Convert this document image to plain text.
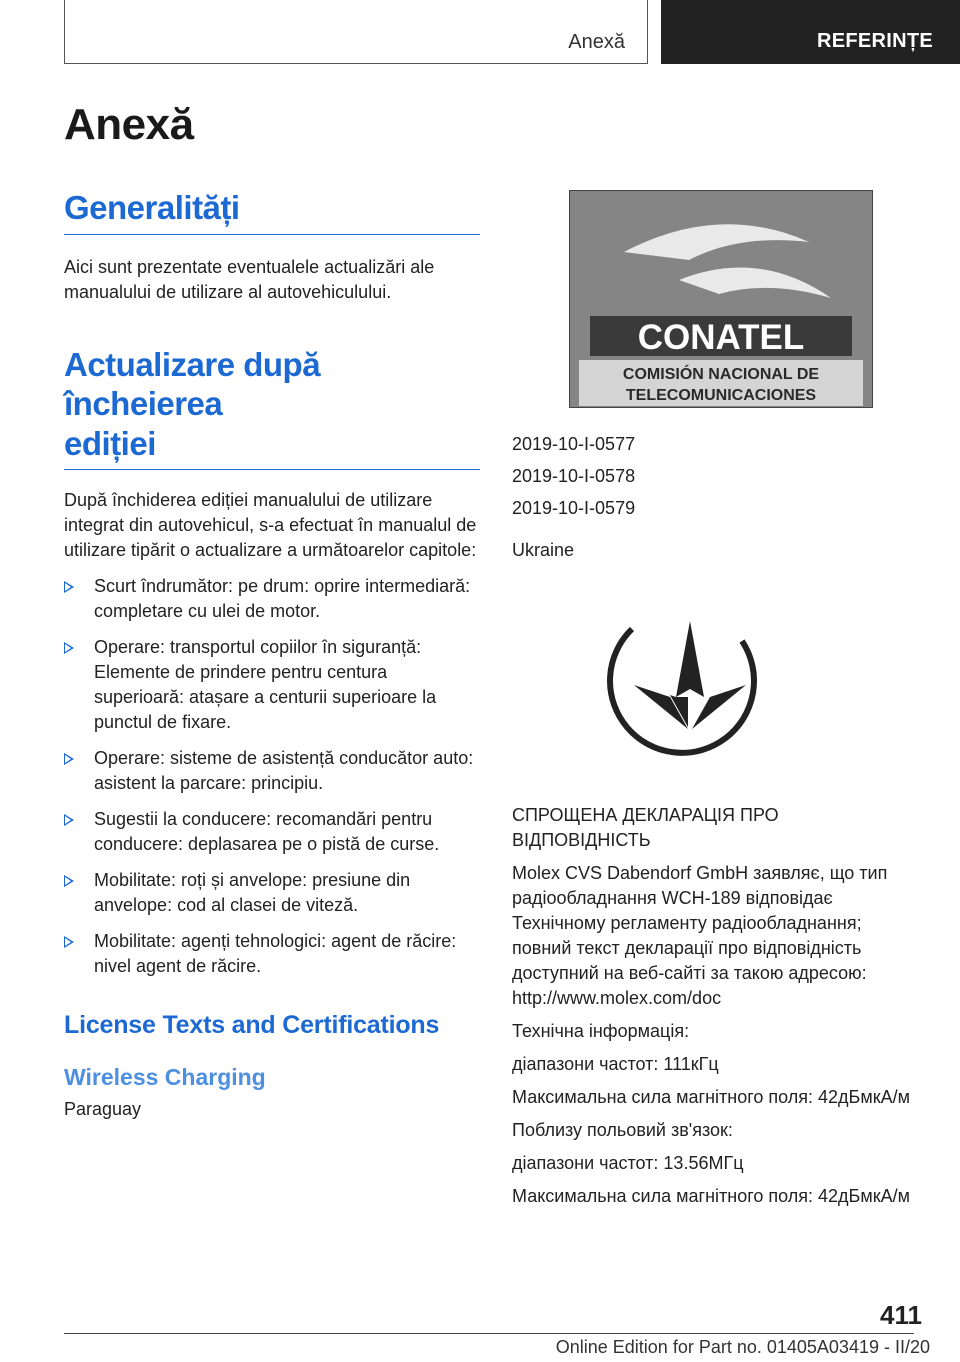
Anexă	REFERINȚE
Anexă
Generalități

Aici sunt prezentate eventualele actualizări ale manualului de utilizare al autovehiculului.

Actualizare după încheierea
ediției

După închiderea ediției manualului de utilizare integrat din autovehicul, s-a efectuat în manualul de utilizare tipărit o actualizare a următoarelor capitole:

Scurt îndrumător: pe drum: oprire intermediară: completare cu ulei de motor.
Operare: transportul copiilor în siguranță: Elemente de prindere pentru centura superioară: atașare a centurii superioare la punctul de fixare.
Operare: sisteme de asistență conducător auto: asistent la parcare: principiu.
Sugestii la conducere: recomandări pentru conducere: deplasarea pe o pistă de curse.
Mobilitate: roți și anvelope: presiune din anvelope: cod al clasei de viteză.
Mobilitate: agenți tehnologici: agent de răcire: nivel agent de răcire.
License Texts and Certifications
Wireless Charging

Paraguay

CONATEL
COMISIÓN NACIONAL DE
TELECOMUNICACIONES

2019-10-I-0577

2019-10-I-0578

2019-10-I-0579

Ukraine

СПРОЩЕНА ДЕКЛАРАЦІЯ ПРО ВІДПОВІДНІСТЬ

Molex CVS Dabendorf GmbH заявляє, що тип радіообладнання WCH-189 відповідає Технічному регламенту радіообладнання; повний текст декларації про відповідність доступний на веб-сайті за такою адресою: http://www.molex.com/doc

Технічна інформація:

діапазони частот: 111кГц

Максимальна сила магнітного поля: 42дБмкА/м

Поблизу польовий зв'язок:

діапазони частот: 13.56МГц

Максимальна сила магнітного поля: 42дБмкА/м

411
Online Edition for Part no. 01405A03419 - II/20
